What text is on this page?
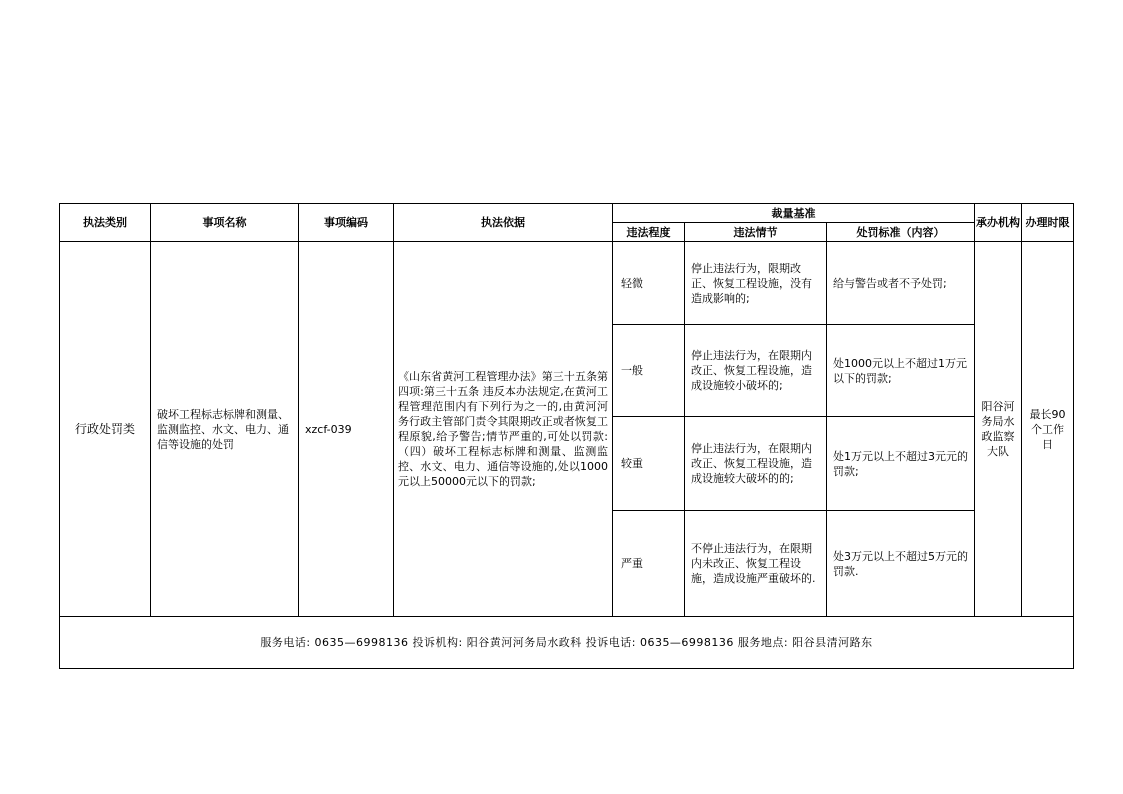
执法类别	事项名称	事项编码	执法依据	裁量基准			承办机构	办理时限
				违法程度	违法情节	处罚标准（内容）		
行政处罚类	破坏工程标志标牌和测量、监测监控、水文、电力、通信等设施的处罚	xzcf-039	《山东省黄河工程管理办法》第三十五条第四项:第三十五条 违反本办法规定,在黄河工程管理范围内有下列行为之一的,由黄河河务行政主管部门责令其限期改正或者恢复工程原貌,给予警告;情节严重的,可处以罚款:（四）破坏工程标志标牌和测量、监测监控、水文、电力、通信等设施的,处以1000元以上50000元以下的罚款;	轻微	停止违法行为，限期改正、恢复工程设施，没有造成影响的;	给与警告或者不予处罚;	阳谷河务局水政监察大队	最长90个工作日
				一般	停止违法行为，在限期内改正、恢复工程设施，造成设施较小破坏的;	处1000元以上不超过1万元以下的罚款;		
				较重	停止违法行为，在限期内改正、恢复工程设施，造成设施较大破坏的的;	处1万元以上不超过3元元的罚款;		
				严重	不停止违法行为，在限期内未改正、恢复工程设施，造成设施严重破坏的.	处3万元以上不超过5万元的罚款.		
服务电话: 0635—6998136 投诉机构: 阳谷黄河河务局水政科 投诉电话: 0635—6998136 服务地点: 阳谷县清河路东								
